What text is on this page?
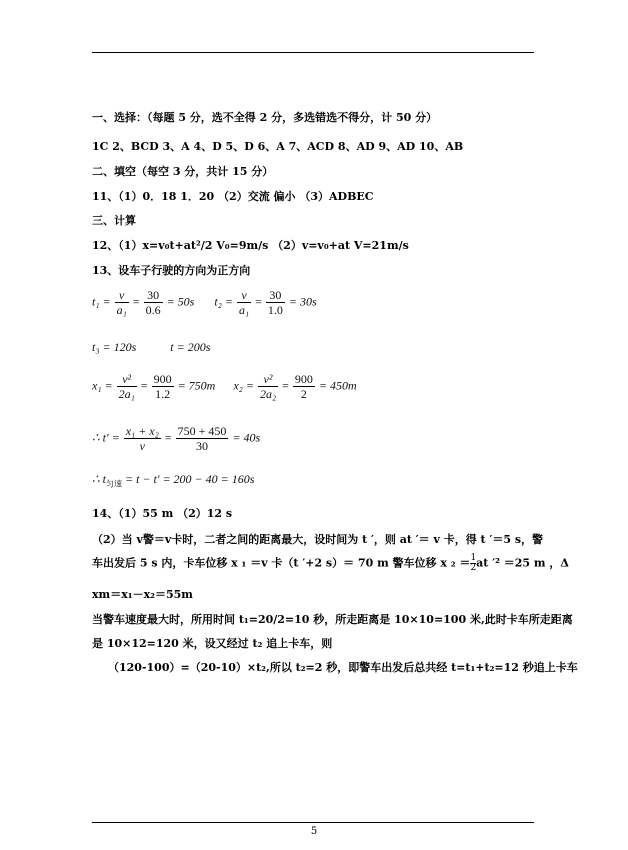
一、选择：（每题 5 分，选不全得 2 分，多选错选不得分，计 50 分）
1C 2、BCD 3、A 4、D 5、D 6、A 7、ACD 8、AD 9、AD 10、AB
二、填空（每空 3 分，共计 15 分）
11、（1）0．18 1．20 （2）交流 偏小 （3）ADBEC
三、计算
12、（1）x=v₀t+at²/2 V₀=9m/s （2）v=v₀+at V=21m/s
13、设车子行驶的方向为正方向
$t_1 = \frac{v}{\text{a₁}} = \frac{30}{0.6} = 50s$ $t_2 = \frac{v}{\text{a₁}} = \frac{30}{1.0} = 30s$
t₃ = 120s	t = 200s
$x_1 = \frac{\text{v²}}{\text{2a₁}} = \frac{900}{1.2} = 750m$ $x_2 = \frac{\text{v²}}{\text{2a₂}} = \frac{900}{2} = 450m$
∴ $t' = \frac{\text{x₁ + x₂}}{v} = \frac{750 + 450}{30} = 40s$
∴ $t_{匀速} = t - t' = 200 - 40 = 160s$
14、（1）55 m （2）12 s
（2）当 v警＝v卡时，二者之间的距离最大，设时间为 t ′，则 at ′＝ v 卡，得 t ′＝5 s，警
车出发后 5 s 内，卡车位移 x ₁ ＝v 卡（t ′+2 s）＝ 70 m 警车位移 x $_2 = \frac{1}{2}$ at ′² ＝25 m ，Δ
xm＝x₁－x₂＝55m
当警车速度最大时，所用时间 t₁=20/2=10 秒，所走距离是 10×10=100 米,此时卡车所走距离
是 10×12=120 米，设又经过 t₂ 追上卡车，则
（120-100）=（20-10）×t₂,所以 t₂=2 秒，即警车出发后总共经 t=t₁+t₂=12 秒追上卡车
5
